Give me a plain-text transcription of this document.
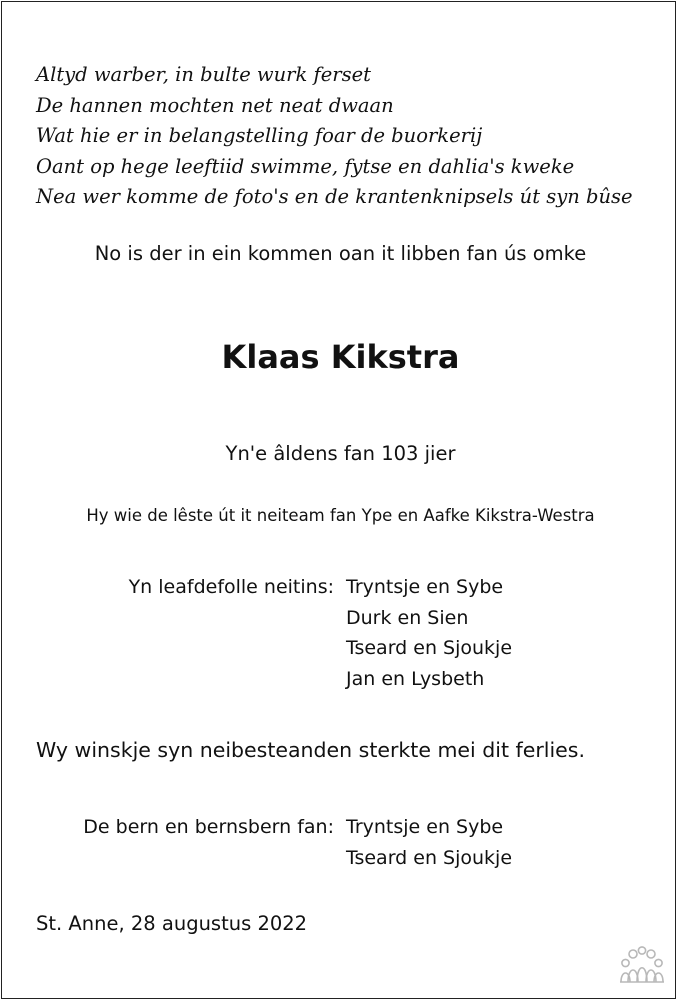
Altyd warber, in bulte wurk ferset
De hannen mochten net neat dwaan
Wat hie er in belangstelling foar de buorkerij
Oant op hege leeftiid swimme, fytse en dahlia's kweke
Nea wer komme de foto's en de krantenknipsels út syn bûse
No is der in ein kommen oan it libben fan ús omke
Klaas Kikstra
Yn'e âldens fan 103 jier
Hy wie de lêste út it neiteam fan Ype en Aafke Kikstra-Westra
Yn leafdefolle neitins: Tryntsje en Sybe
Durk en Sien
Tseard en Sjoukje
Jan en Lysbeth
Wy winskje syn neibesteanden sterkte mei dit ferlies.
De bern en bernsbern fan: Tryntsje en Sybe
Tseard en Sjoukje
St. Anne, 28 augustus 2022
